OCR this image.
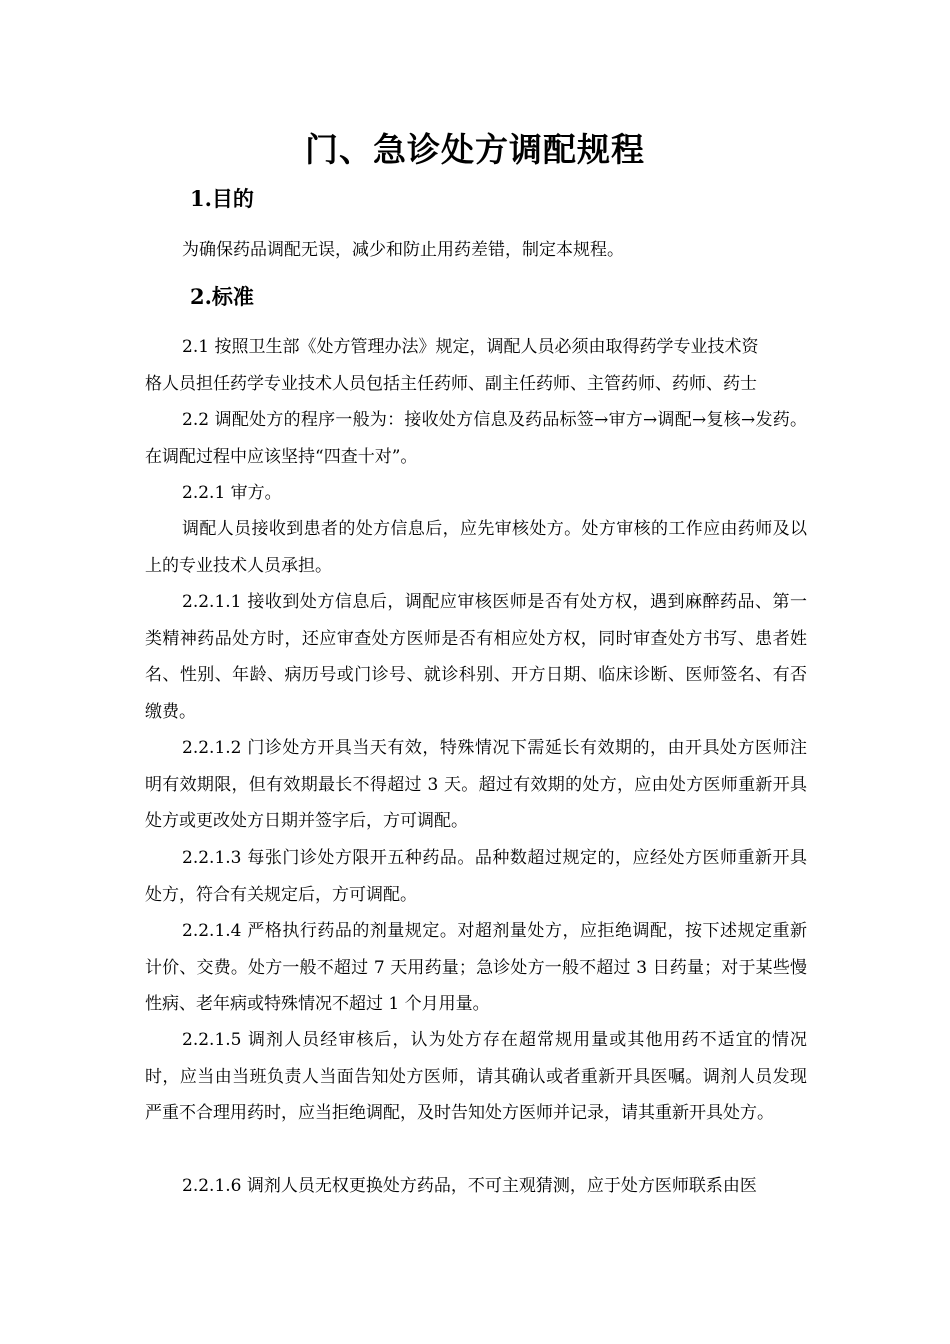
门、急诊处方调配规程
1.目的

为确保药品调配无误，减少和防止用药差错，制定本规程。

2.标准

2.1 按照卫生部《处方管理办法》规定，调配人员必须由取得药学专业技术资
格人员担任药学专业技术人员包括主任药师、副主任药师、主管药师、药师、药士

2.2 调配处方的程序一般为：接收处方信息及药品标签→审方→调配→复核→发药。在调配过程中应该坚持“四查十对”。

2.2.1 审方。

调配人员接收到患者的处方信息后，应先审核处方。处方审核的工作应由药师及以上的专业技术人员承担。

2.2.1.1 接收到处方信息后，调配应审核医师是否有处方权，遇到麻醉药品、第一类精神药品处方时，还应审查处方医师是否有相应处方权，同时审查处方书写、患者姓名、性别、年龄、病历号或门诊号、就诊科别、开方日期、临床诊断、医师签名、有否缴费。

2.2.1.2 门诊处方开具当天有效，特殊情况下需延长有效期的，由开具处方医师注明有效期限，但有效期最长不得超过 3 天。超过有效期的处方，应由处方医师重新开具处方或更改处方日期并签字后，方可调配。

2.2.1.3 每张门诊处方限开五种药品。品种数超过规定的，应经处方医师重新开具处方，符合有关规定后，方可调配。

2.2.1.4 严格执行药品的剂量规定。对超剂量处方，应拒绝调配，按下述规定重新计价、交费。处方一般不超过 7 天用药量；急诊处方一般不超过 3 日药量；对于某些慢性病、老年病或特殊情况不超过 1 个月用量。

2.2.1.5 调剂人员经审核后，认为处方存在超常规用量或其他用药不适宜的情况时，应当由当班负责人当面告知处方医师，请其确认或者重新开具医嘱。调剂人员发现严重不合理用药时，应当拒绝调配，及时告知处方医师并记录，请其重新开具处方。

2.2.1.6 调剂人员无权更换处方药品，不可主观猜测，应于处方医师联系由医
